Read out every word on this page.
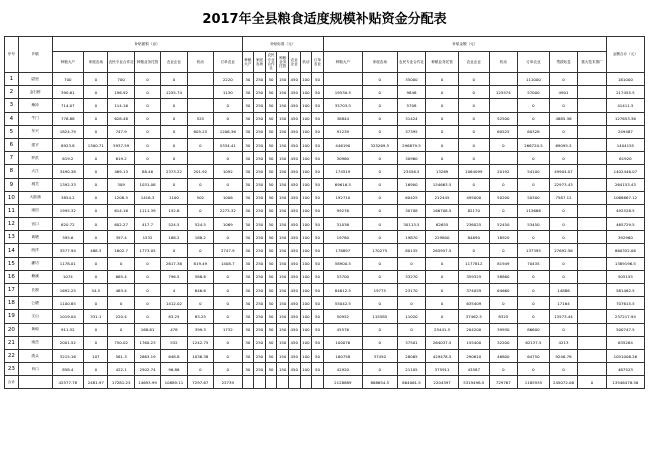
2017年全县粮食适度规模补贴资金分配表
序号	乡镇	补贴面积（亩）							补贴标准（元）							补贴金额（元）									金额合计（元）
		种粮大户	家庭农场	农民专业合作社	种粮业务托管	农业企业	机动	订单农业	种粮大户	家庭农场	农民专业合作社	种粮业务托管	农业企业	机动	订单农业	种粮大户	家庭农场	农民专业合作社	种粮业务托管	农业企业	机动	订单农业	贷款贴息	重大技术推广	
1	尉里	700	0	700	0	0		2220	30	250	50	150	450	100	50		0	35000	0	0		111000	0		181000
2	金石桥	390.61	0	196.92	0	1255.74		1130	30	250	50	150	450	100	50	19530.5	0	9846	0	0	125574	57000	4901		217455.5
3	梅冲	714.07	0	114.16	0	0		0	30	250	50	150	450	100	50	35703.5	0	5708	0	0		0	0		41411.5
4	牛门	776.88	0	628.48	0	0	525	0	30	250	50	150	450	100	50	38844	0	31424	0	0	52500	0	4885.36		127653.36
5	东兴	1824.79	0	747.9	0	0	605.25	1206.36	30	250	50	150	450	100	50	91239	0	37395	0	0	60525	60328	0		249487
6	建平	8923.8	1300.71	5937.59	0	0	0	5334.41	30	250	50	150	450	100	50	446190	325269.5	296879.5	0	0	0	266720.5	69095.5		1404155
7	罗洪	619.2	0	619.2	0	0		0	30	250	50	150	450	100	50	30960	0	30960	0	0		0	0		61920
8	大江	3490.38	0	469.13	88.46	2373.22	201.92	1092	30	250	50	150	450	100	50	174519	0	23456.5	13269	1064099	20192	54100	49904.07		1402446.07
9	城关	1392.33	0	309	1031.08	0	0	0	30	250	50	150	450	100	50	69616.5	0	16900	154663.5	0	0	0	22973.43		264153.43
10	大郎浦	3854.2	0	1208.5	1416.3	1100	502	1006	30	250	50	150	450	100	50	192710	0	60425	212445	495000	50200	50300	7587.12		1068667.12
11	南田	1995.32	0	614.16	1111.39	152.6	0	2273.32	30	250	50	150	450	100	50	99276	0	30708	166708.5	82170	0	113666	0		492528.5
12	官口	620.72	0	602.27	417.7	524.5	524.5	1069	30	250	50	150	450	100	50	31036	0	30113.5	62655	236025	52450	53450	0		465729.5
13	黄塘	395.6	0	397.4	1532	188.2	188.2	0	30	250	50	150	450	100	50	19780	0	19870	229800	84690	18920	0	0		392960
14	西洋	3577.94	488.3	1602.7	1773.05	0	0	2747.9	30	250	50	150	450	100	50	178897	170275	80135	265957.5	0	0	137395	27692.56		860352.06
15	灌坊	1178.01	0	0	0	2617.36	819.49	1408.7	30	250	50	150	450	100	50	58900.5	0	0	0	1177812	81949	70435	0		1389196.5
16	楠溪	1074	0	665.4	0	796.5	588.6	0	30	250	50	150	450	100	50	53700	0	33270	0	359325	58860	0	0		505155
17	长源	1692.25	54.5	463.4	0	4	646.6	0	30	250	50	150	450	100	50	84612.5	19775	23170	0	374059	64660	0	14886		581462.5
18	公塘	1100.85	0	0	0	1412.02	0	0	30	250	50	150	450	100	50	55042.5	0	0	0	635409	0	0	17164		707615.5
19	文山	1019.04	331.1	220.4	0	83.25	83.25	0	30	250	50	150	450	100	50	50952	115585	11020	0	37462.5	8325	0	13573.44		237217.94
20	黄峪	911.52	0	0	168.61	478	399.3	1732	30	250	50	150	450	100	50	45576	0	0	25441.5	204200	39930	86600	0		500747.5
21	南岳	2001.52	0	750.02	1760.23	532	1242.75	0	30	250	50	150	450	100	50	100076	0	37501	264037.5	155400	32200	62137.5	4213		635284
22	湾头	3215.16	107	561.3	2863.19	648.8	1036.38	0	30	250	50	150	450	100	50	160758	37450	28065	429478.5	290610	46800	64750	9246.76		1051006.26
23	肖口	858.4	0	422.1	2502.74	96.86	0	0	30	250	50	150	450	100	50	42920	0	21105	375911	43587	0	0	0		487523
合计		42577.78	2481.97	17281.23	14693.99	10889.11	7297.67	23739								2128889	868654.5	864061.5	2204397	5319498.5	729767	1185935	245072.06	0	13546478.56
